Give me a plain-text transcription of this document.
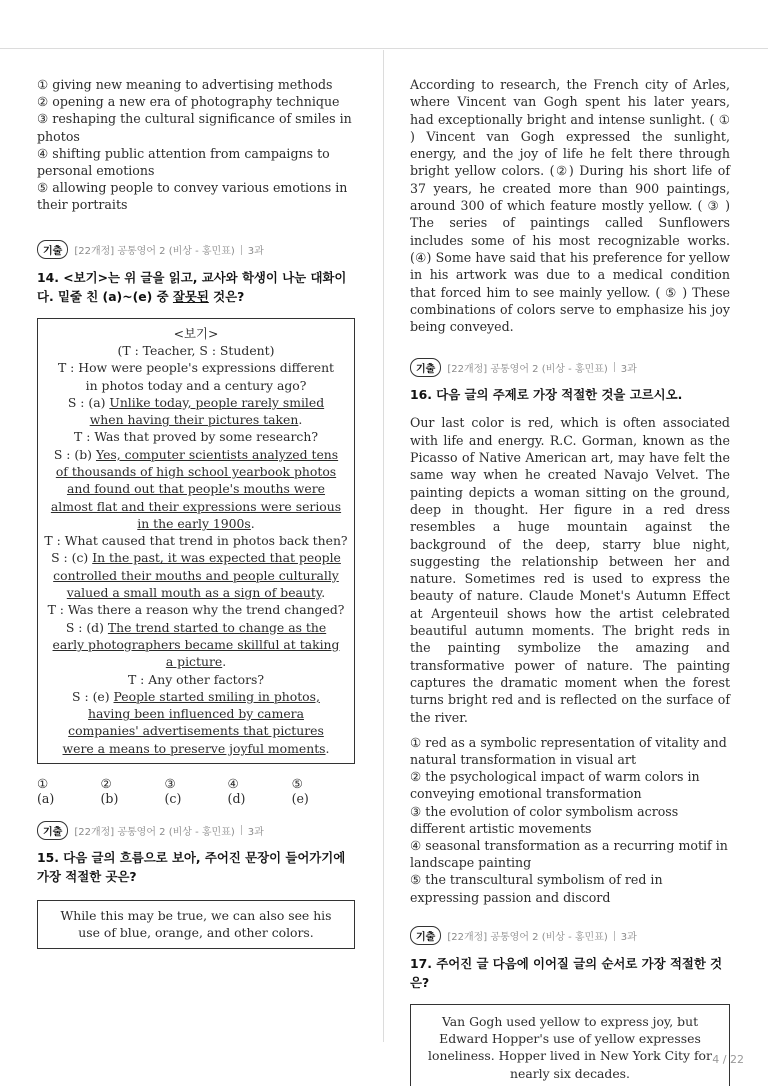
① giving new meaning to advertising methods
② opening a new era of photography technique
③ reshaping the cultural significance of smiles in photos
④ shifting public attention from campaigns to personal emotions
⑤ allowing people to convey various emotions in their portraits
기출	[22개정] 공통영어 2 (비상 - 홍민표) 3과
14. <보기>는 위 글을 읽고, 교사와 학생이 나눈 대화이다. 밑줄 친 (a)~(e) 중 잘못된 것은?
<보기>
(T : Teacher, S : Student)
T : How were people's expressions different in photos today and a century ago?
S : (a) Unlike today, people rarely smiled when having their pictures taken.
T : Was that proved by some research?
S : (b) Yes, computer scientists analyzed tens of thousands of high school yearbook photos and found out that people's mouths were almost flat and their expressions were serious in the early 1900s.
T : What caused that trend in photos back then?
S : (c) In the past, it was expected that people controlled their mouths and people culturally valued a small mouth as a sign of beauty.
T : Was there a reason why the trend changed?
S : (d) The trend started to change as the early photographers became skillful at taking a picture.
T : Any other factors?
S : (e) People started smiling in photos, having been influenced by camera companies' advertisements that pictures were a means to preserve joyful moments.
① (a)
② (b)
③ (c)
④ (d)
⑤ (e)
기출	[22개정] 공통영어 2 (비상 - 홍민표) 3과
15. 다음 글의 흐름으로 보아, 주어진 문장이 들어가기에 가장 적절한 곳은?
While this may be true, we can also see his use of blue, orange, and other colors.
According to research, the French city of Arles, where Vincent van Gogh spent his later years, had exceptionally bright and intense sunlight. ( ① ) Vincent van Gogh expressed the sunlight, energy, and the joy of life he felt there through bright yellow colors. (②) During his short life of 37 years, he created more than 900 paintings, around 300 of which feature mostly yellow. ( ③ ) The series of paintings called Sunflowers includes some of his most recognizable works. (④) Some have said that his preference for yellow in his artwork was due to a medical condition that forced him to see mainly yellow. ( ⑤ ) These combinations of colors serve to emphasize his joy being conveyed.
기출	[22개정] 공통영어 2 (비상 - 홍민표) 3과
16. 다음 글의 주제로 가장 적절한 것을 고르시오.
Our last color is red, which is often associated with life and energy. R.C. Gorman, known as the Picasso of Native American art, may have felt the same way when he created Navajo Velvet. The painting depicts a woman sitting on the ground, deep in thought. Her figure in a red dress resembles a huge mountain against the background of the deep, starry blue night, suggesting the relationship between her and nature. Sometimes red is used to express the beauty of nature. Claude Monet's Autumn Effect at Argenteuil shows how the artist celebrated beautiful autumn moments. The bright reds in the painting symbolize the amazing and transformative power of nature. The painting captures the dramatic moment when the forest turns bright red and is reflected on the surface of the river.
① red as a symbolic representation of vitality and natural transformation in visual art
② the psychological impact of warm colors in conveying emotional transformation
③ the evolution of color symbolism across different artistic movements
④ seasonal transformation as a recurring motif in landscape painting
⑤ the transcultural symbolism of red in expressing passion and discord
기출	[22개정] 공통영어 2 (비상 - 홍민표) 3과
17. 주어진 글 다음에 이어질 글의 순서로 가장 적절한 것은?
Van Gogh used yellow to express joy, but Edward Hopper's use of yellow expresses loneliness. Hopper lived in New York City for nearly six decades.
4 / 22
